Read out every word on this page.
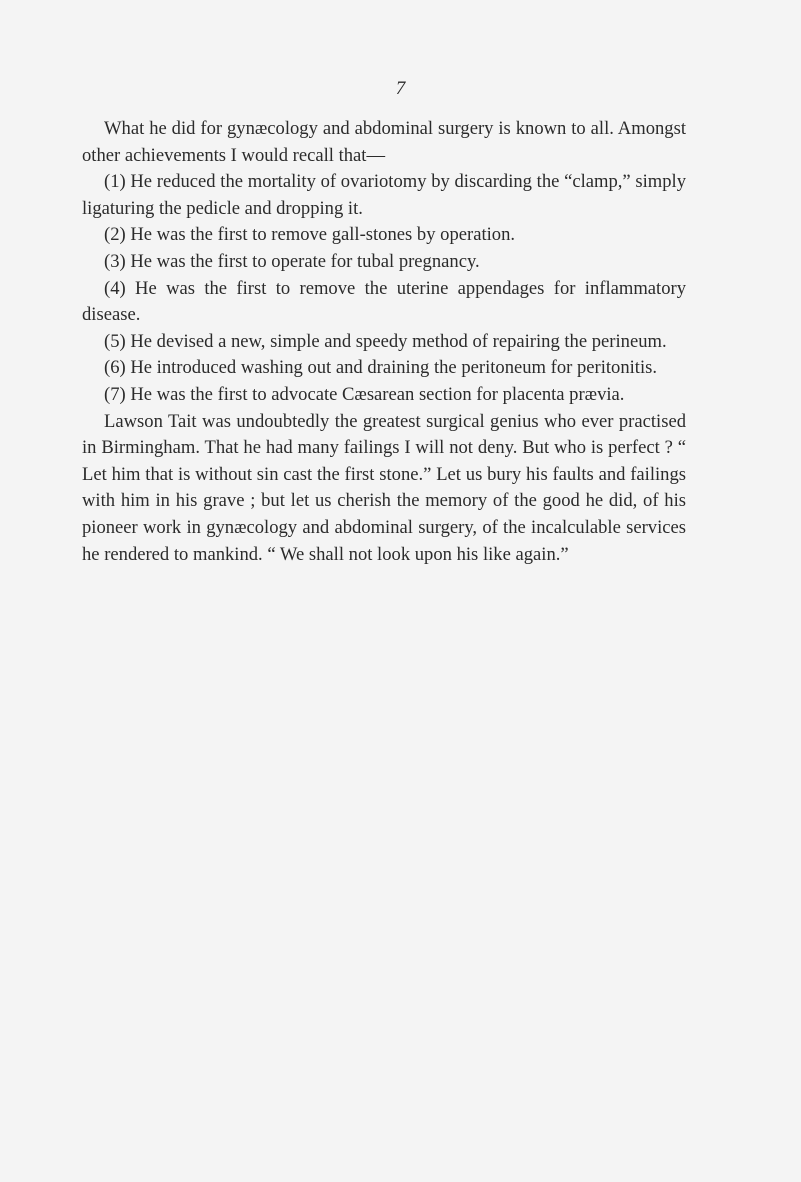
7

What he did for gynæcology and abdominal surgery is known to all. Amongst other achievements I would recall that—

(1) He reduced the mortality of ovariotomy by discarding the “clamp,” simply ligaturing the pedicle and dropping it.

(2) He was the first to remove gall-stones by operation.

(3) He was the first to operate for tubal pregnancy.

(4) He was the first to remove the uterine appendages for inflammatory disease.

(5) He devised a new, simple and speedy method of repairing the perineum.

(6) He introduced washing out and draining the peritoneum for peritonitis.

(7) He was the first to advocate Cæsarean section for placenta prævia.

Lawson Tait was undoubtedly the greatest surgical genius who ever practised in Birmingham. That he had many failings I will not deny. But who is perfect ? “ Let him that is without sin cast the first stone.” Let us bury his faults and failings with him in his grave ; but let us cherish the memory of the good he did, of his pioneer work in gynæcology and abdominal surgery, of the incalculable services he rendered to mankind. “ We shall not look upon his like again.”
